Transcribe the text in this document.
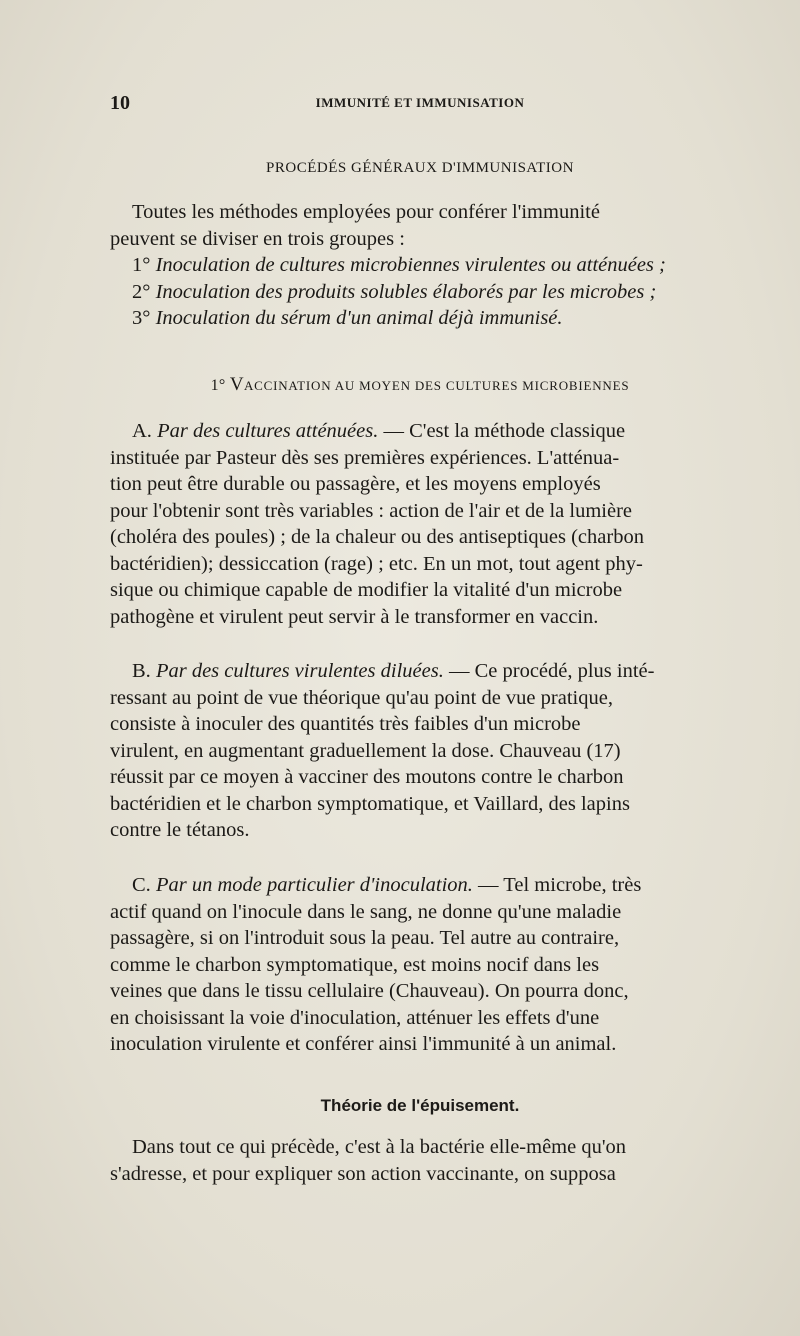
10	IMMUNITÉ ET IMMUNISATION
PROCÉDÉS GÉNÉRAUX D'IMMUNISATION
Toutes les méthodes employées pour conférer l'immunité
peuvent se diviser en trois groupes :
1° Inoculation de cultures microbiennes virulentes ou atténuées ;
2° Inoculation des produits solubles élaborés par les microbes ;
3° Inoculation du sérum d'un animal déjà immunisé.
1° VACCINATION AU MOYEN DES CULTURES MICROBIENNES
A. Par des cultures atténuées. — C'est la méthode classique
instituée par Pasteur dès ses premières expériences. L'atténua-
tion peut être durable ou passagère, et les moyens employés
pour l'obtenir sont très variables : action de l'air et de la lumière
(choléra des poules) ; de la chaleur ou des antiseptiques (charbon
bactéridien); dessiccation (rage) ; etc. En un mot, tout agent phy-
sique ou chimique capable de modifier la vitalité d'un microbe
pathogène et virulent peut servir à le transformer en vaccin.
B. Par des cultures virulentes diluées. — Ce procédé, plus inté-
ressant au point de vue théorique qu'au point de vue pratique,
consiste à inoculer des quantités très faibles d'un microbe
virulent, en augmentant graduellement la dose. Chauveau (17)
réussit par ce moyen à vacciner des moutons contre le charbon
bactéridien et le charbon symptomatique, et Vaillard, des lapins
contre le tétanos.
C. Par un mode particulier d'inoculation. — Tel microbe, très
actif quand on l'inocule dans le sang, ne donne qu'une maladie
passagère, si on l'introduit sous la peau. Tel autre au contraire,
comme le charbon symptomatique, est moins nocif dans les
veines que dans le tissu cellulaire (Chauveau). On pourra donc,
en choisissant la voie d'inoculation, atténuer les effets d'une
inoculation virulente et conférer ainsi l'immunité à un animal.
Théorie de l'épuisement.
Dans tout ce qui précède, c'est à la bactérie elle-même qu'on
s'adresse, et pour expliquer son action vaccinante, on supposa
